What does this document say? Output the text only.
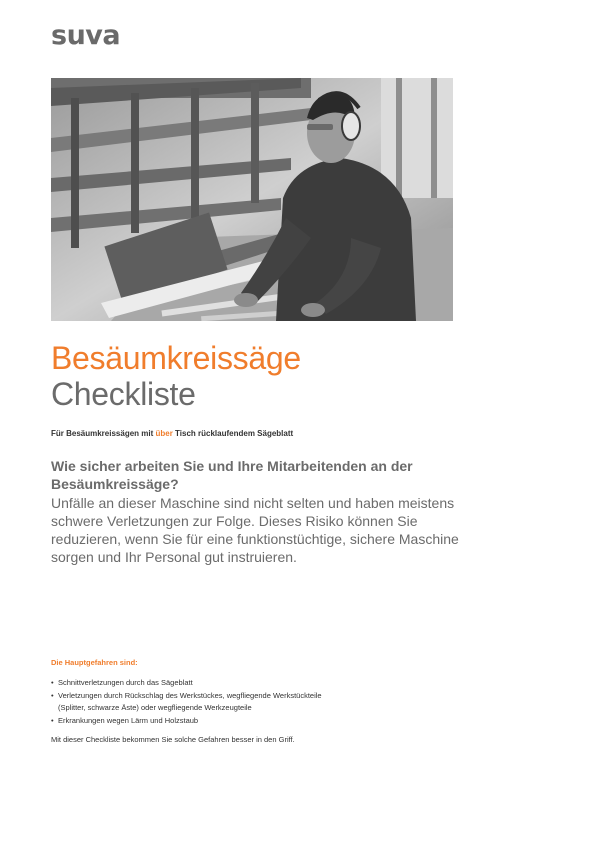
suva
Besäumkreissäge
Checkliste
Für Besäumkreissägen mit über Tisch rücklaufendem Sägeblatt

Wie sicher arbeiten Sie und Ihre Mitarbeitenden an der Besäumkreissäge?

Unfälle an dieser Maschine sind nicht selten und haben meistens schwere Verletzungen zur Folge. Dieses Risiko können Sie reduzieren, wenn Sie für eine funktionstüchtige, sichere Maschine sorgen und Ihr Personal gut instruieren.

Die Hauptgefahren sind:
• Schnittverletzungen durch das Sägeblatt
• Verletzungen durch Rückschlag des Werkstückes, wegfliegende Werkstückteile
(Splitter, schwarze Äste) oder wegfliegende Werkzeugteile
• Erkrankungen wegen Lärm und Holzstaub
Mit dieser Checkliste bekommen Sie solche Gefahren besser in den Griff.
